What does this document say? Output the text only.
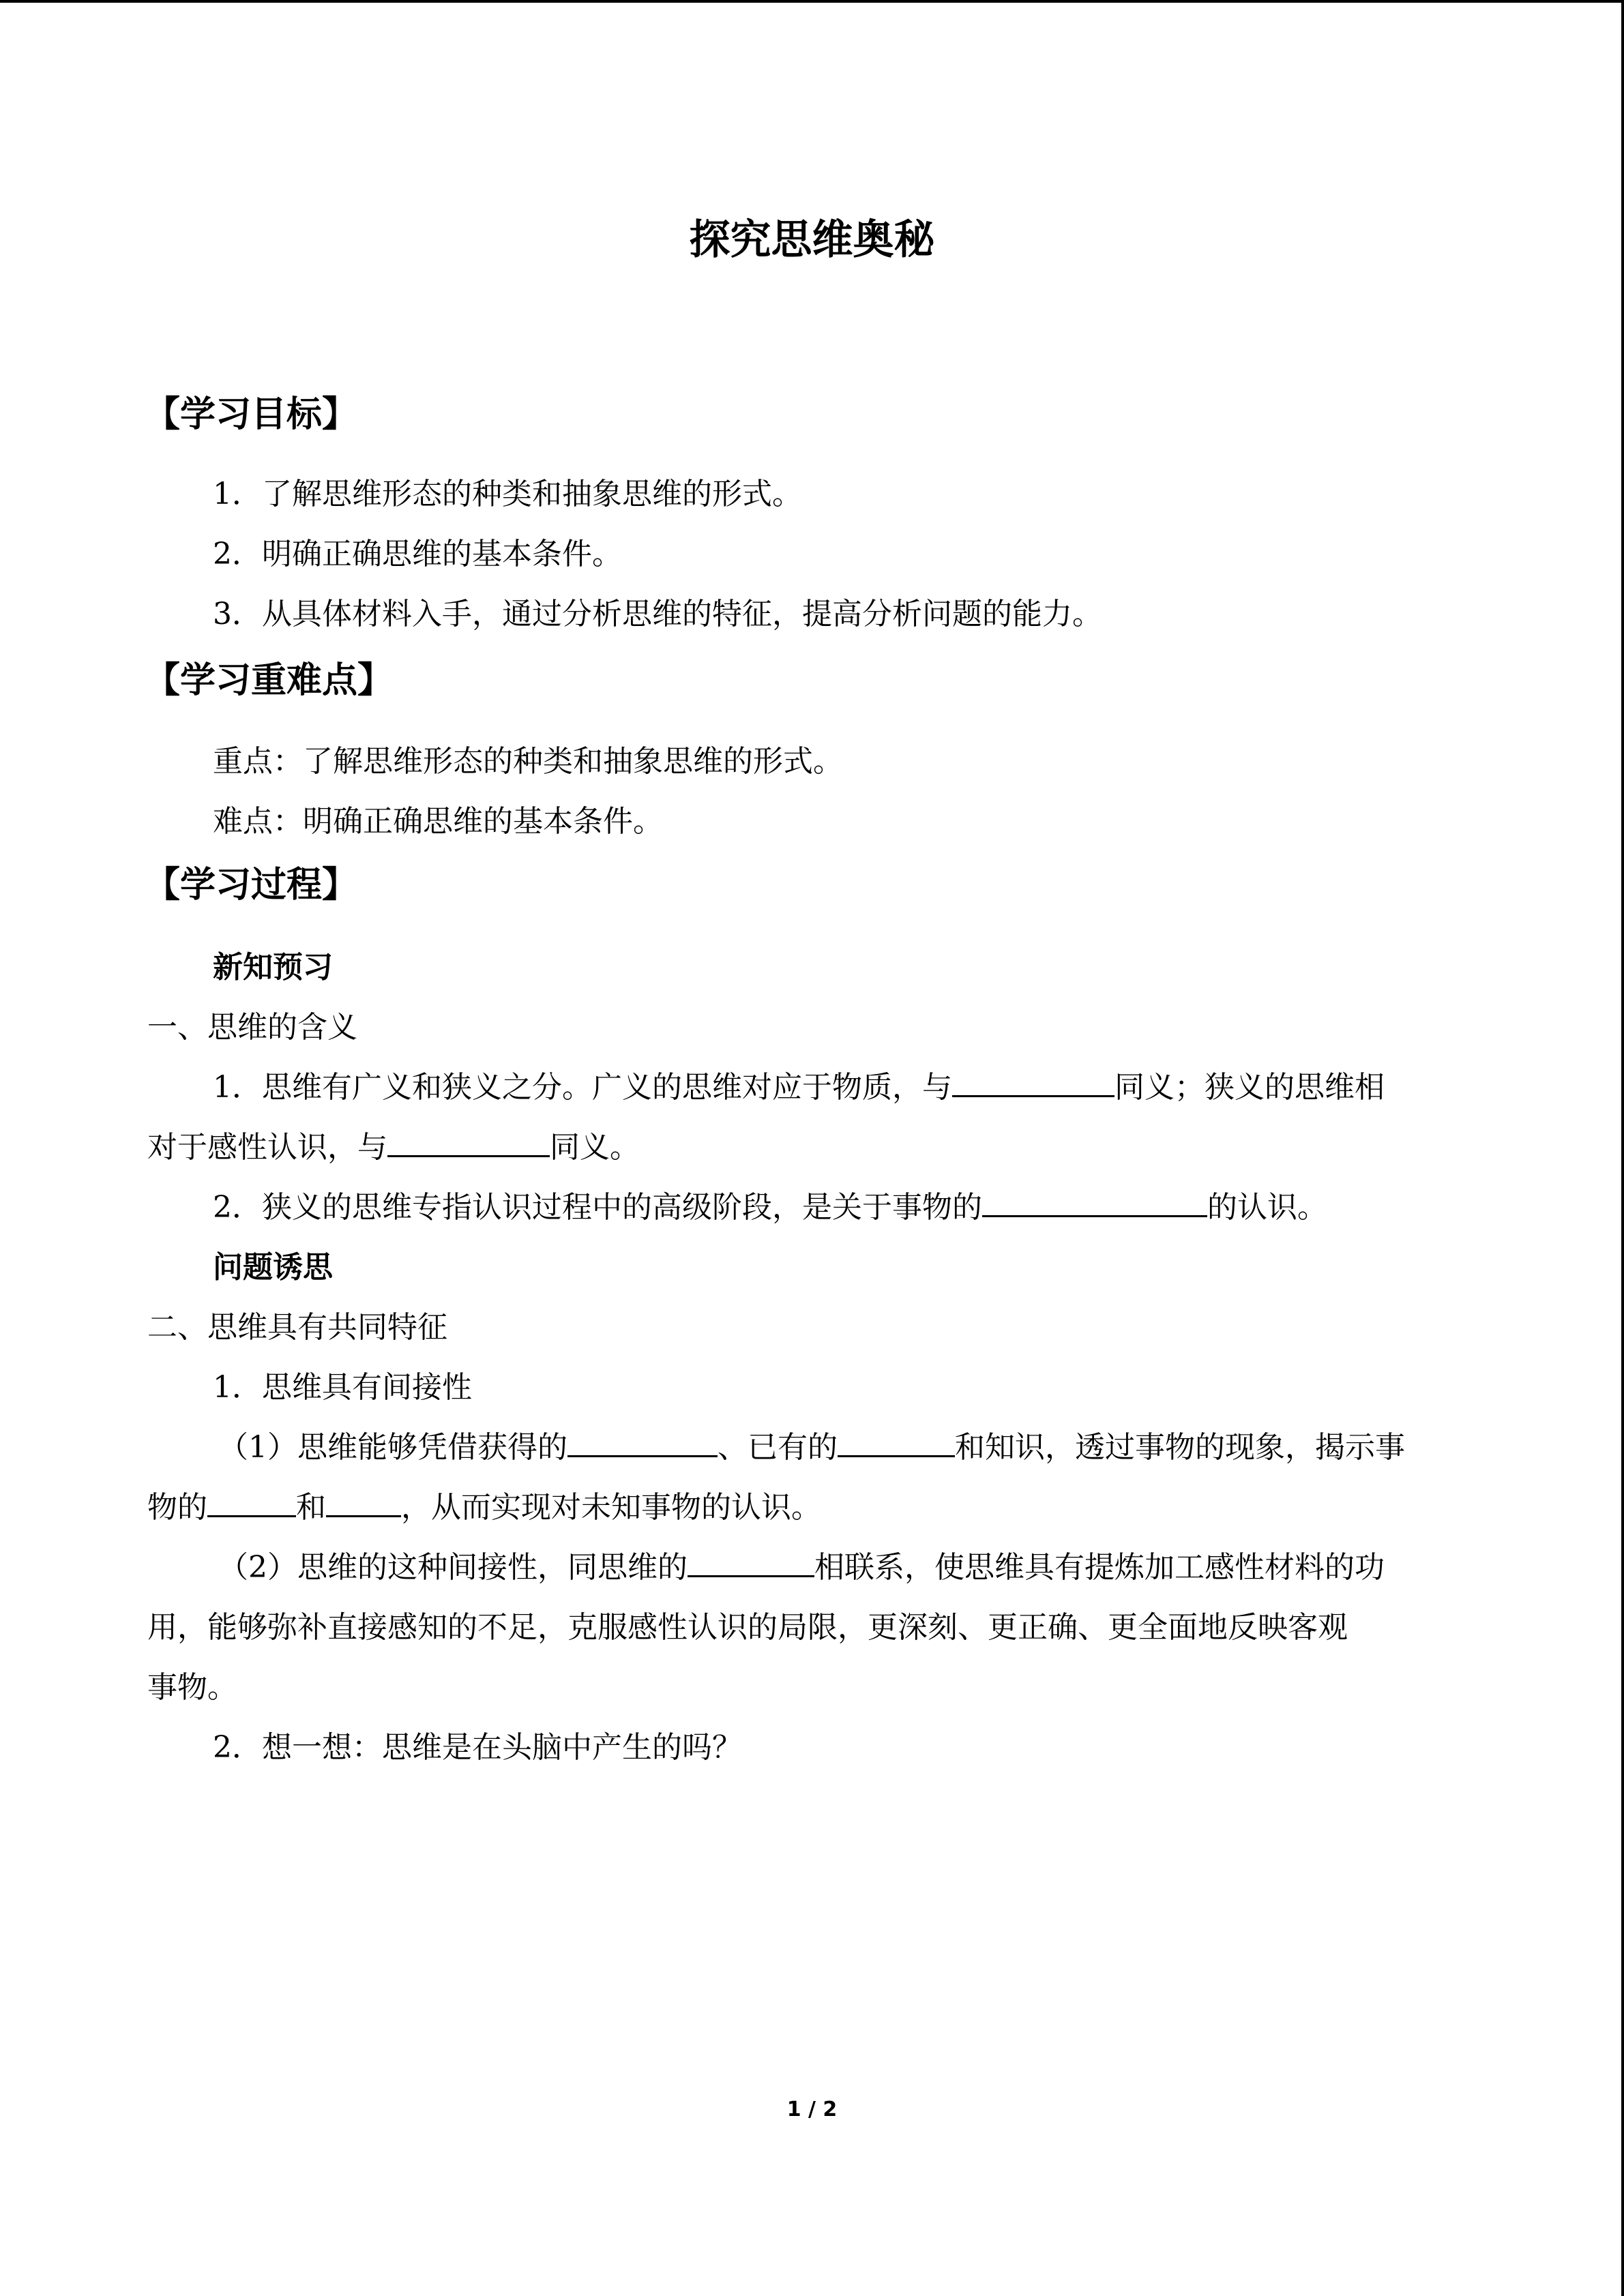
探究思维奥秘
【学习目标】
1．了解思维形态的种类和抽象思维的形式。
2．明确正确思维的基本条件。
3．从具体材料入手，通过分析思维的特征，提高分析问题的能力。
【学习重难点】
重点：了解思维形态的种类和抽象思维的形式。
难点：明确正确思维的基本条件。
【学习过程】
新知预习
一、思维的含义
1．思维有广义和狭义之分。广义的思维对应于物质，与	同义；狭义的思维相
对于感性认识，与	同义。
2．狭义的思维专指认识过程中的高级阶段，是关于事物的	的认识。
问题诱思
二、思维具有共同特征
1．思维具有间接性
（1）思维能够凭借获得的	、已有的	和知识，透过事物的现象，揭示事
物的	和	，从而实现对未知事物的认识。
（2）思维的这种间接性，同思维的	相联系，使思维具有提炼加工感性材料的功
用，能够弥补直接感知的不足，克服感性认识的局限，更深刻、更正确、更全面地反映客观
事物。
2．想一想：思维是在头脑中产生的吗？
1 / 2
